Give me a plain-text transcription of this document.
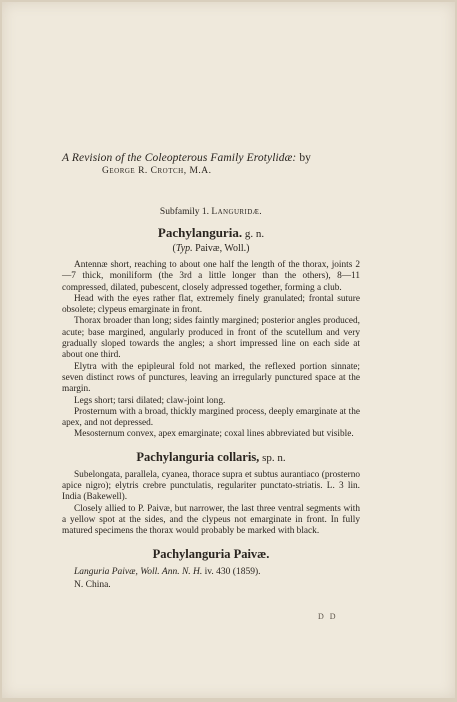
A Revision of the Coleopterous Family Erotylidæ: by

George R. Crotch, M.A.

Subfamily 1. Languridæ.
Pachylanguria. g. n.
(Typ. Paivæ, Woll.)

Antennæ short, reaching to about one half the length of the thorax, joints 2—7 thick, moniliform (the 3rd a little longer than the others), 8—11 compressed, dilated, pubescent, closely adpressed together, forming a club.

Head with the eyes rather flat, extremely finely granulated; frontal suture obsolete; clypeus emarginate in front.

Thorax broader than long; sides faintly margined; posterior angles produced, acute; base margined, angularly produced in front of the scutellum and very gradually sloped towards the angles; a short impressed line on each side at about one third.

Elytra with the epipleural fold not marked, the reflexed portion sinnate; seven distinct rows of punctures, leaving an irregularly punctured space at the margin.

Legs short; tarsi dilated; claw-joint long.

Prosternum with a broad, thickly margined process, deeply emarginate at the apex, and not depressed.

Mesosternum convex, apex emarginate; coxal lines abbreviated but visible.

Pachylanguria collaris, sp. n.

Subelongata, parallela, cyanea, thorace supra et subtus aurantiaco (prosterno apice nigro); elytris crebre punctulatis, regulariter punctato-striatis. L. 3 lin. India (Bakewell).

Closely allied to P. Paivæ, but narrower, the last three ventral segments with a yellow spot at the sides, and the clypeus not emarginate in front. In fully matured specimens the thorax would probably be marked with black.

Pachylanguria Paivæ.

Languria Paivæ, Woll. Ann. N. H. iv. 430 (1859).

N. China.

D D
